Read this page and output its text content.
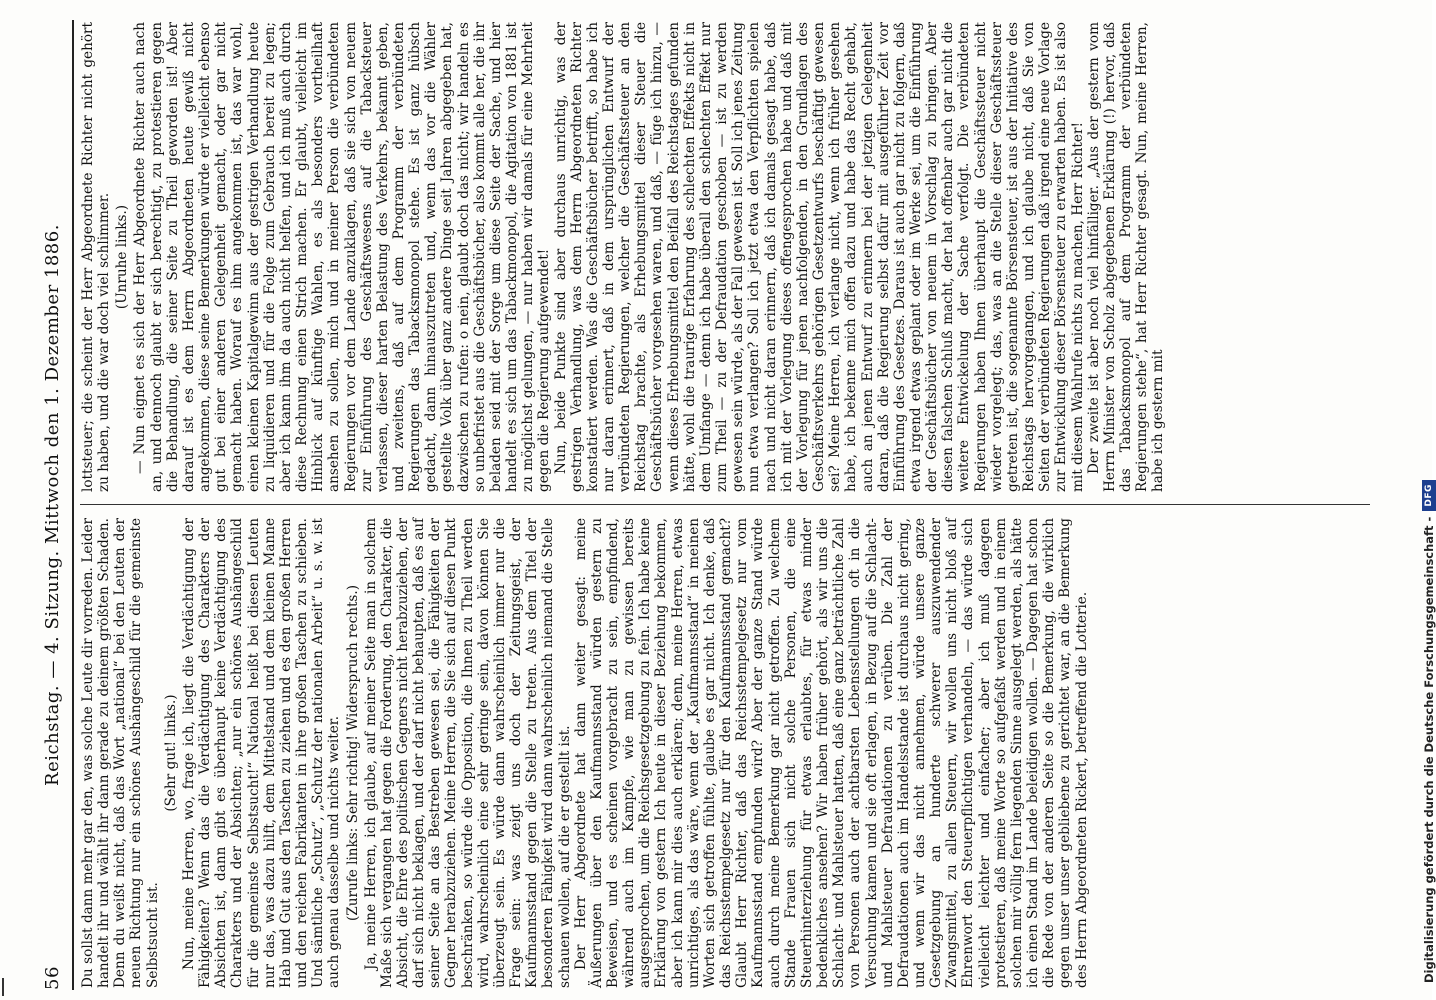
56
Reichstag. — 4. Sitzung. Mittwoch den 1. Dezember 1886. Du sollst dann mehr gar den, was solche Leute dir vorreden. Leider handelt ihr und wählt ihr dann gerade zu deinem größten Schaden. Denn du weißt nicht, daß das Wort „national“ bei den Leuten der neuen Richtung nur ein schönes Aushängeschild für die gemeinste Selbstsucht ist.

(Sehr gut! links.) Nun, meine Herren, wo, frage ich, liegt die Verdächtigung der Fähigkeiten? Wenn das die Verdächtigung des Charakters der Absichten ist, dann gibt es überhaupt keine Verdächtigung des Charakters und der Absichten; „nur ein schönes Aushängeschild für die gemeinste Selbstsucht!“ National heißt bei diesen Leuten nur das, was dazu hilft, dem Mittelstand und dem kleinen Manne Hab und Gut aus den Taschen zu ziehen und es den großen Herren und den reichen Fabrikanten in ihre großen Taschen zu schieben. Und sämtliche „Schutz“, „Schutz der nationalen Arbeit“ u. s. w. ist auch genau dasselbe und nichts weiter. (Zurufe links: Sehr richtig! Widerspruch rechts.) Ja, meine Herren, ich glaube, auf meiner Seite man in solchem Maße sich vergangen hat gegen die Forderung, den Charakter, die Absicht, die Ehre des politischen Gegners nicht herabzuziehen, der darf sich nicht beklagen, und der darf nicht behaupten, daß es auf seiner Seite an das Bestreben gewesen sei, die Fähigkeiten der Gegner herabzuziehen. Meine Herren, die Sie sich auf diesen Punkt beschränken, so würde die Opposition, die Ihnen zu Theil werden wird, wahrscheinlich eine sehr geringe sein, davon können Sie überzeugt sein. Es würde dann wahrscheinlich immer nur die Frage sein: was zeigt uns doch der Zeitungsgeist, der Kaufmannsstand gegen die Stelle zu treten. Aus dem Titel der besonderen Fähigkeit wird dann wahrscheinlich niemand die Stelle schauen wollen, auf die er gestellt ist. Der Herr Abgeordnete hat dann weiter gesagt: meine Äußerungen über den Kaufmannsstand würden gestern zu Beweisen, und es scheinen vorgebracht zu sein, empfindend, während auch im Kampfe, wie man zu gewissen bereits ausgesprochen, um die Reichsgesetzgebung zu fein. Ich habe keine Erklärung von gestern Ich heute in dieser Beziehung bekommen, aber ich kann mir dies auch erklären; denn, meine Herren, etwas unrichtiges, als das wäre, wenn der „Kaufmannsstand“ in meinen Worten sich getroffen fühlte, glaube es gar nicht. Ich denke, daß das Reichsstempelgesetz nur für den Kaufmannsstand gemacht? Glaubt Herr Richter, daß das Reichsstempelgesetz nur vom Kaufmannsstand empfunden wird? Aber der ganze Stand würde auch durch meine Bemerkung gar nicht getroffen. Zu welchem Stande Frauen sich nicht solche Personen, die eine Steuerhinterziehung für etwas erlaubtes, für etwas minder bedenkliches ansehen? Wir haben früher gehört, als wir uns die Schlacht- und Mahlsteuer hatten, daß eine ganz beträchtliche Zahl von Personen auch der achtbarsten Lebensstellungen oft in die Versuchung kamen und sie oft erlagen, in Bezug auf die Schlacht- und Mahlsteuer Defraudationen zu verüben. Die Zahl der Defraudationen auch im Handelsstande ist durchaus nicht gering, und wenn wir das nicht annehmen, würde unsere ganze Gesetzgebung an hunderte schwerer auszuwendender Zwangsmittel, zu allen Steuern, wir wollen uns nicht bloß auf Ehrenwort den Steuerpflichtigen verhandeln, — das würde sich vielleicht leichter und einfacher; aber ich muß dagegen protestieren, daß meine Worte so aufgefaßt werden und in einem solchen mir völlig fern liegenden Sinne ausgelegt werden, als hätte ich einen Stand im Lande beleidigen wollen. — Dagegen hat schon die Rede von der anderen Seite so die Bemerkung, die wirklich gegen unser unser gebliebene zu gerichtet war, an die Bemerkung des Herrn Abgeordneten Rickert, betreffend die Lotterie.

lottsteuer; die scheint der Herr Abgeordnete Richter nicht gehört zu haben, und die war doch viel schlimmer. (Unruhe links.) — Nun eignet es sich der Herr Abgeordnete Richter auch nach an, und dennoch glaubt er sich berechtigt, zu protestieren gegen die Behandlung, die seiner Seite zu Theil geworden ist! Aber darauf ist es dem Herrn Abgeordneten heute gewiß nicht angekommen, diese seine Bemerkungen würde er vielleicht ebenso gut bei einer anderen Gelegenheit gemacht, oder gar nicht gemacht haben. Worauf es ihm angekommen ist, das war wohl, einen kleinen Kapitalgewinn aus der gestrigen Verhandlung heute zu liquidieren und für die Folge zum Gebrauch bereit zu legen; aber ich kann ihm da auch nicht helfen, und ich muß auch durch diese Rechnung einen Strich machen. Er glaubt, vielleicht im Hinblick auf künftige Wahlen, es als besonders vortheilhaft ansehen zu sollen, mich und in meiner Person die verbündeten Regierungen vor dem Lande anzuklagen, daß sie sich von neuem zur Einführung des Geschäftswesens auf die Tabacksteuer verlassen, dieser harten Belastung des Verkehrs, bekannt geben, und zweitens, daß auf dem Programm der verbündeten Regierungen das Tabacksmonopol stehe. Es ist ganz hübsch gedacht, dann hinauszutreten und, wenn das vor die Wähler gestellte Volk über ganz andere Dinge seit Jahren abgegeben hat, dazwischen zu rufen: o nein, glaubt doch das nicht; wir handeln es so unbefristet aus die Geschäftsbücher, also kommt alle her, die ihr beladen seid mit der Sorge um diese Seite der Sache, und hier handelt es sich um das Tabackmonopol, die Agitation von 1881 ist zu möglichst gelungen, — nur haben wir damals für eine Mehrheit gegen die Regierung aufgewendet! Nun, beide Punkte sind aber durchaus unrichtig, was der gestrigen Verhandlung, was dem Herrn Abgeordneten Richter konstatiert werden. Was die Geschäftsbücher betrifft, so habe ich nur daran erinnert, daß in dem ursprünglichen Entwurf der verbündeten Regierungen, welcher die Geschäftssteuer an den Reichstag brachte, als Erhebungsmittel dieser Steuer die Geschäftsbücher vorgesehen waren, und daß, — füge ich hinzu, — wenn dieses Erhebungsmittel den Beifall des Reichstages gefunden hätte, wohl die traurige Erfahrung des schlechten Effekts nicht in dem Umfange — denn ich habe überall den schlechten Effekt nur zum Theil — zu der Defraudation geschoben — ist zu werden gewesen sein würde, als der Fall gewesen ist. Soll ich jenes Zeitung nun etwa verlangen? Soll ich jetzt etwa den Verpflichten spielen nach und nicht daran erinnern, daß ich damals gesagt habe, daß ich mit der Vorlegung dieses offengesprochen habe und daß mit der Vorlegung für jenen nachfolgenden, in den Grundlagen des Geschäftsverkehrs gehörigen Gesetzentwurfs beschäftigt gewesen sei? Meine Herren, ich verlange nicht, wenn ich früher gesehen habe, ich bekenne mich offen dazu und habe das Recht gehabt, auch an jenen Entwurf zu erinnern bei der jetzigen Gelegenheit daran, daß die Regierung selbst dafür mit ausgeführter Zeit vor Einführung des Gesetzes. Daraus ist auch gar nicht zu folgern, daß etwa irgend etwas geplant oder im Werke sei, um die Einführung der Geschäftsbücher von neuem in Vorschlag zu bringen. Aber diesen falschen Schluß macht, der hat offenbar auch gar nicht die weitere Entwickelung der Sache verfolgt. Die verbündeten Regierungen haben Ihnen überhaupt die Geschäftssteuer nicht wieder vorgelegt; das, was an die Stelle dieser Geschäftssteuer getreten ist, die sogenannte Börsensteuer, ist aus der Initiative des Reichstags hervorgegangen, und ich glaube nicht, daß Sie von Seiten der verbündeten Regierungen daß irgend eine neue Vorlage zur Entwicklung dieser Börsensteuer zu erwarten haben. Es ist also mit diesem Wahlrufe nichts zu machen, Herr Richter! Der zweite ist aber noch viel hinfälliger. „Aus der gestern vom Herrn Minister von Scholz abgegebenen Erklärung (!) hervor, daß das Tabacksmonopol auf dem Programm der verbündeten Regierungen stehe“, hat Herr Richter gesagt. Nun, meine Herren, habe ich gestern mit

Digitalisierung gefördert durch die Deutsche Forschungsgemeinschaft -
DFG
